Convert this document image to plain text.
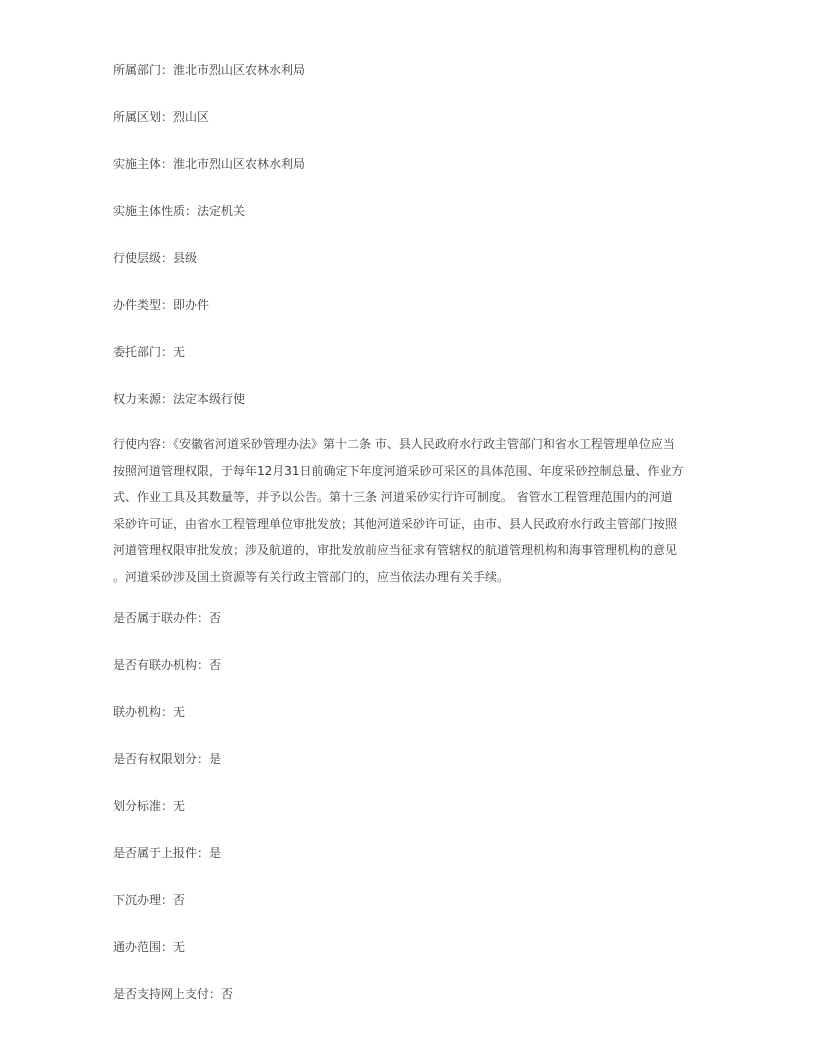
所属部门：淮北市烈山区农林水利局
所属区划：烈山区
实施主体：淮北市烈山区农林水利局
实施主体性质：法定机关
行使层级：县级
办件类型：即办件
委托部门：无
权力来源：法定本级行使
行使内容：《安徽省河道采砂管理办法》第十二条 市、县人民政府水行政主管部门和省水工程管理单位应当
按照河道管理权限，于每年12月31日前确定下年度河道采砂可采区的具体范围、年度采砂控制总量、作业方
式、作业工具及其数量等，并予以公告。第十三条 河道采砂实行许可制度。 省管水工程管理范围内的河道
采砂许可证，由省水工程管理单位审批发放；其他河道采砂许可证，由市、县人民政府水行政主管部门按照
河道管理权限审批发放；涉及航道的，审批发放前应当征求有管辖权的航道管理机构和海事管理机构的意见
。河道采砂涉及国土资源等有关行政主管部门的，应当依法办理有关手续。
是否属于联办件：否
是否有联办机构：否
联办机构：无
是否有权限划分：是
划分标准：无
是否属于上报件：是
下沉办理：否
通办范围：无
是否支持网上支付：否
